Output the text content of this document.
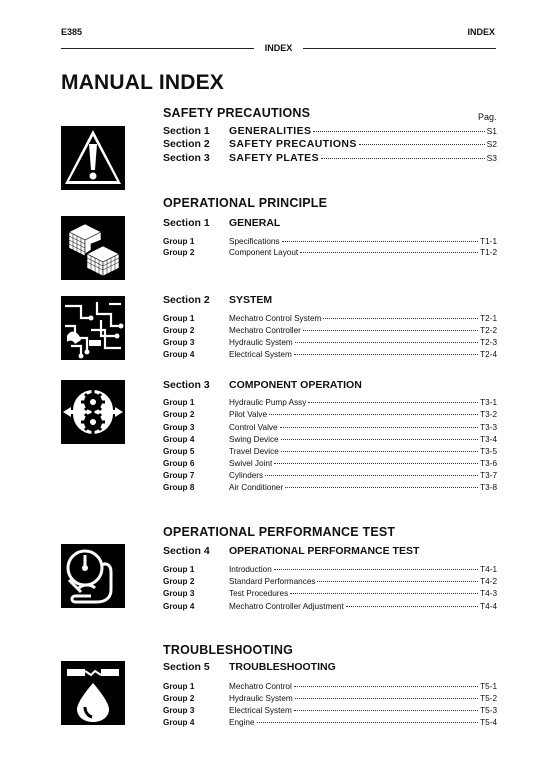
E385	INDEX
INDEX
MANUAL INDEX
SAFETY PRECAUTIONS	Pag.
Section 1 GENERALITIES	S1
Section 2 SAFETY PRECAUTIONS	S2
Section 3 SAFETY PLATES	S3
OPERATIONAL PRINCIPLE
Section 1 GENERAL
Group 1	Specifications	T1-1
Group 2	Component Layout	T1-2
Section 2 SYSTEM
Group 1	Mechatro Control System	T2-1
Group 2	Mechatro Controller	T2-2
Group 3	Hydraulic System	T2-3
Group 4	Electrical System	T2-4
Section 3 COMPONENT OPERATION
Group 1	Hydraulic Pump Assy	T3-1
Group 2	Pilot Valve	T3-2
Group 3	Control Valve	T3-3
Group 4	Swing Device	T3-4
Group 5	Travel Device	T3-5
Group 6	Swivel Joint	T3-6
Group 7	Cylinders	T3-7
Group 8	Air Conditioner	T3-8
OPERATIONAL PERFORMANCE TEST
Section 4 OPERATIONAL PERFORMANCE TEST
Group 1	Introduction	T4-1
Group 2	Standard Performances	T4-2
Group 3	Test Procedures	T4-3
Group 4	Mechatro Controller Adjustment	T4-4
TROUBLESHOOTING
Section 5 TROUBLESHOOTING
Group 1	Mechatro Control	T5-1
Group 2	Hydraulic System	T5-2
Group 3	Electrical System	T5-3
Group 4	Engine	T5-4
